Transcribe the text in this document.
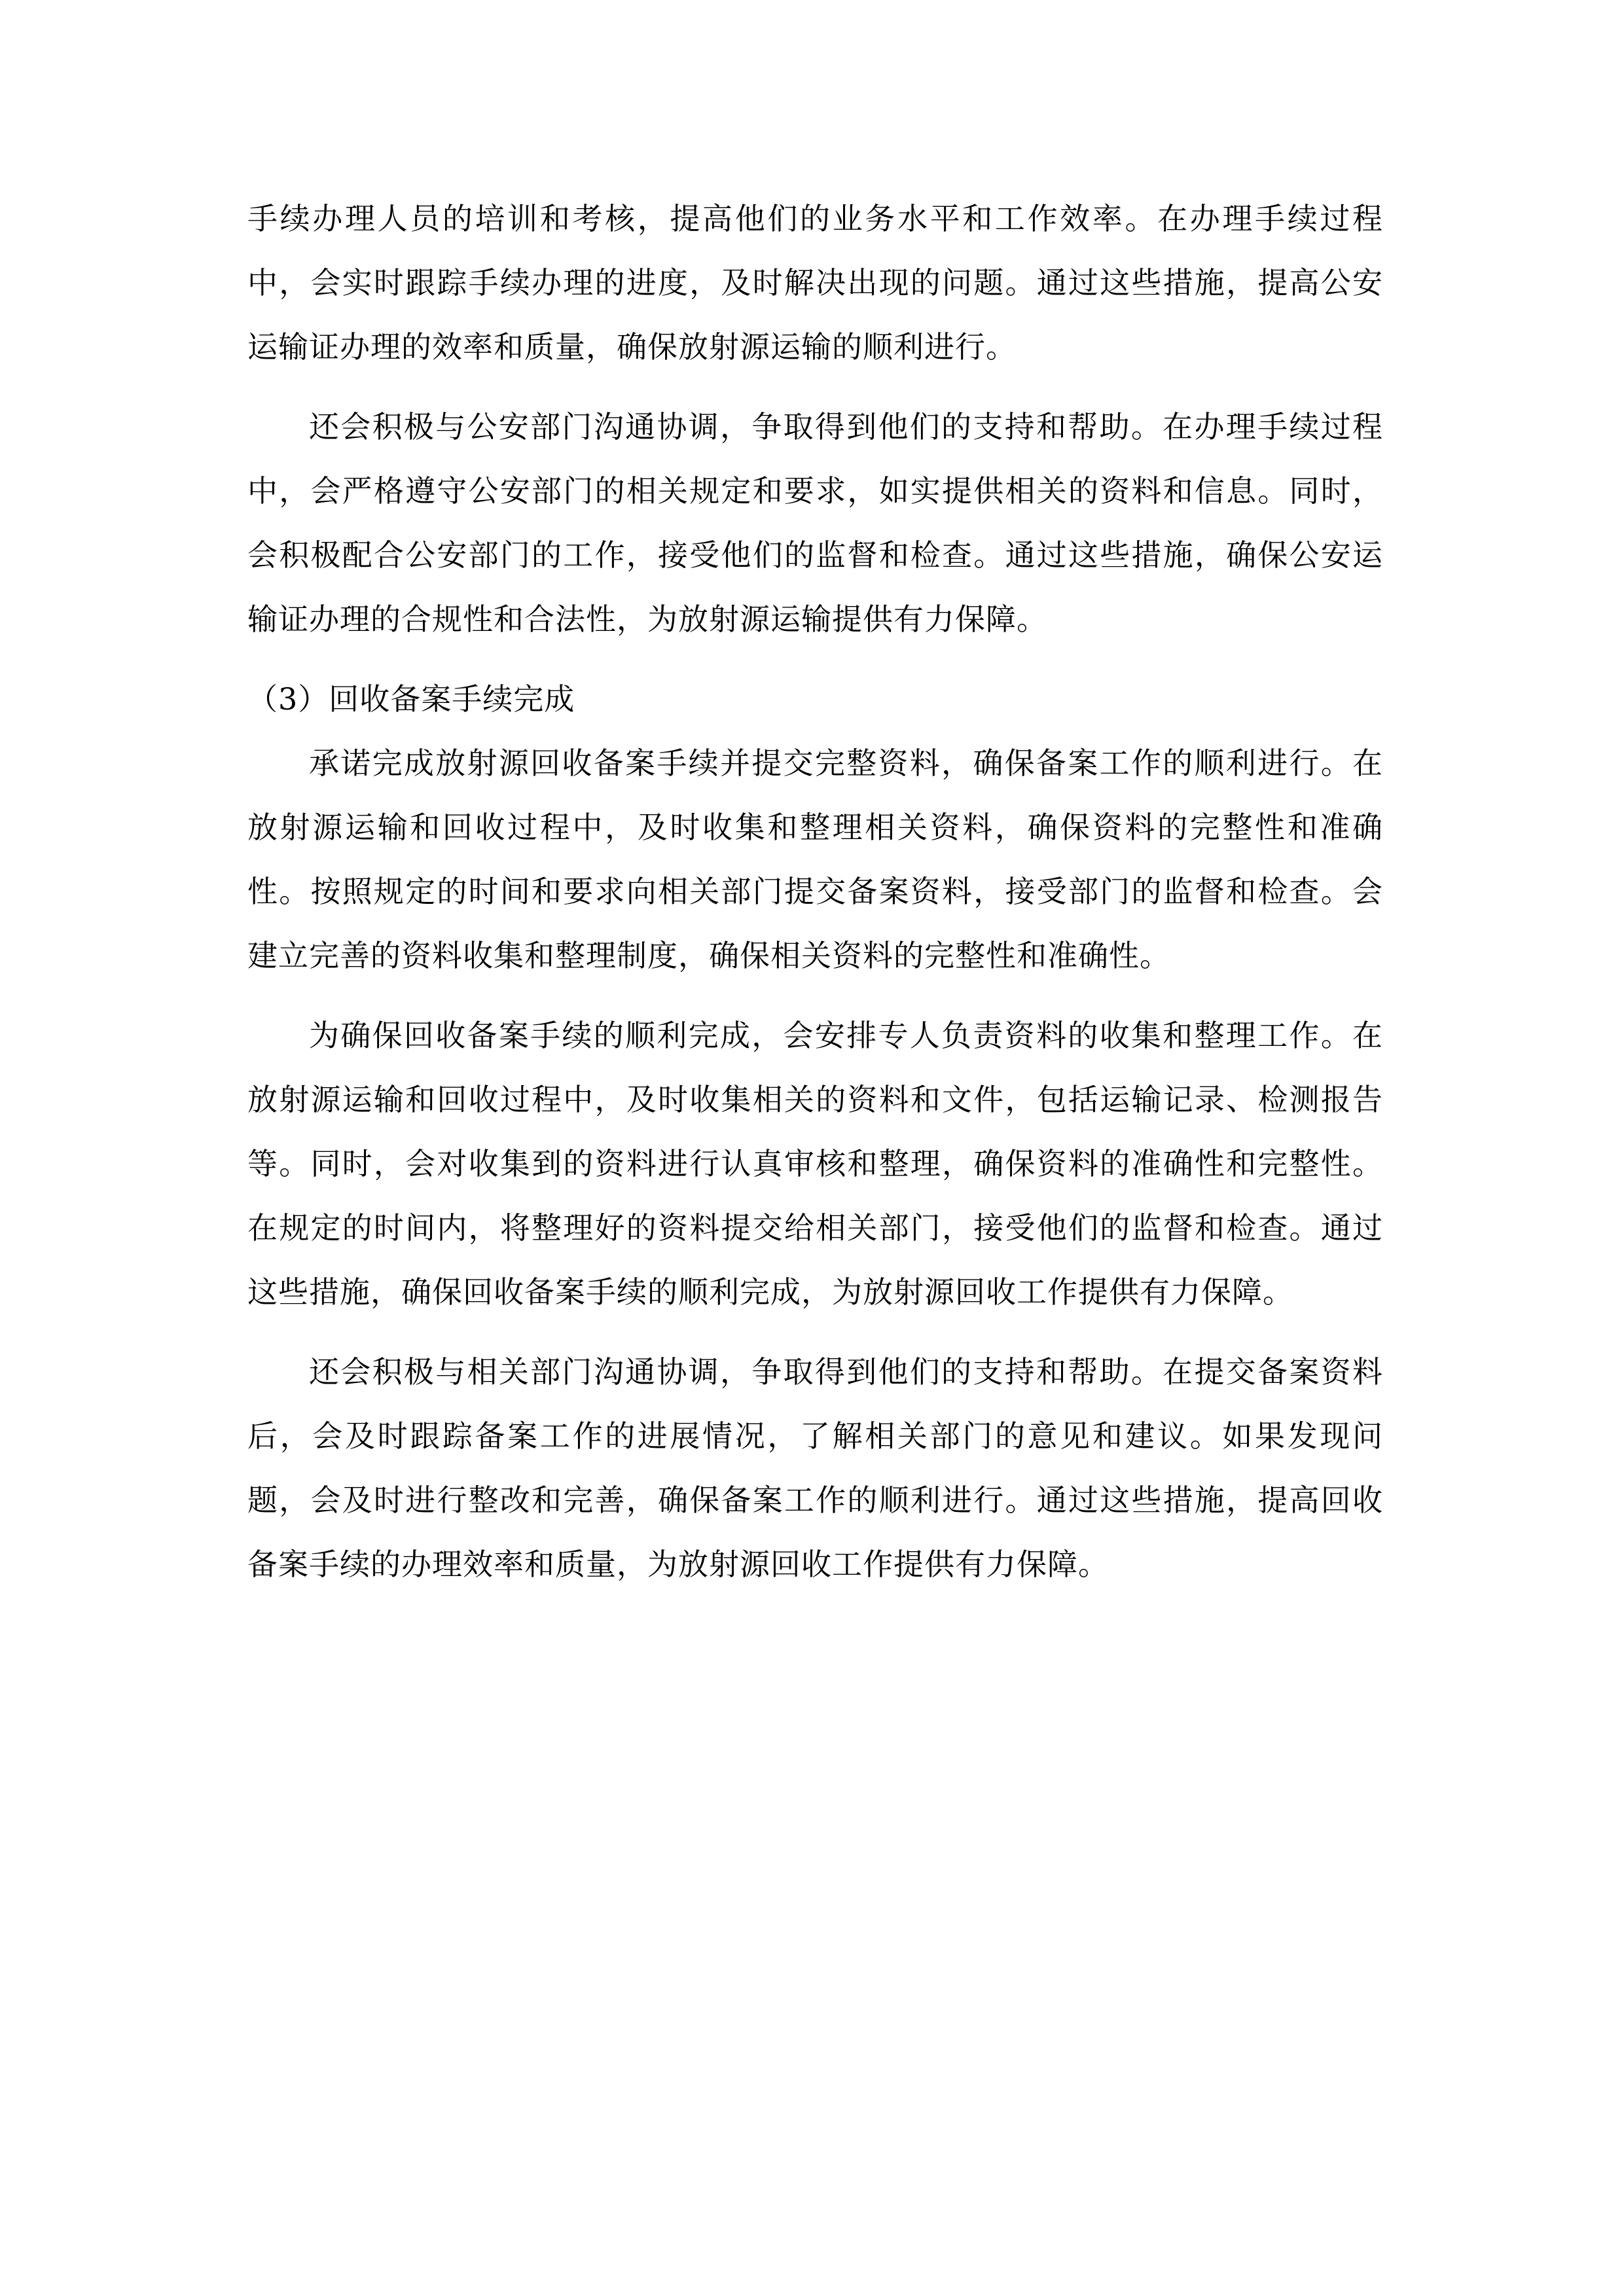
手续办理人员的培训和考核，提高他们的业务水平和工作效率。在办理手续过程中，会实时跟踪手续办理的进度，及时解决出现的问题。通过这些措施，提高公安运输证办理的效率和质量，确保放射源运输的顺利进行。

还会积极与公安部门沟通协调，争取得到他们的支持和帮助。在办理手续过程中，会严格遵守公安部门的相关规定和要求，如实提供相关的资料和信息。同时，会积极配合公安部门的工作，接受他们的监督和检查。通过这些措施，确保公安运输证办理的合规性和合法性，为放射源运输提供有力保障。

（3）回收备案手续完成

承诺完成放射源回收备案手续并提交完整资料，确保备案工作的顺利进行。在放射源运输和回收过程中，及时收集和整理相关资料，确保资料的完整性和准确性。按照规定的时间和要求向相关部门提交备案资料，接受部门的监督和检查。会建立完善的资料收集和整理制度，确保相关资料的完整性和准确性。

为确保回收备案手续的顺利完成，会安排专人负责资料的收集和整理工作。在放射源运输和回收过程中，及时收集相关的资料和文件，包括运输记录、检测报告等。同时，会对收集到的资料进行认真审核和整理，确保资料的准确性和完整性。在规定的时间内，将整理好的资料提交给相关部门，接受他们的监督和检查。通过这些措施，确保回收备案手续的顺利完成，为放射源回收工作提供有力保障。

还会积极与相关部门沟通协调，争取得到他们的支持和帮助。在提交备案资料后，会及时跟踪备案工作的进展情况，了解相关部门的意见和建议。如果发现问题，会及时进行整改和完善，确保备案工作的顺利进行。通过这些措施，提高回收备案手续的办理效率和质量，为放射源回收工作提供有力保障。
